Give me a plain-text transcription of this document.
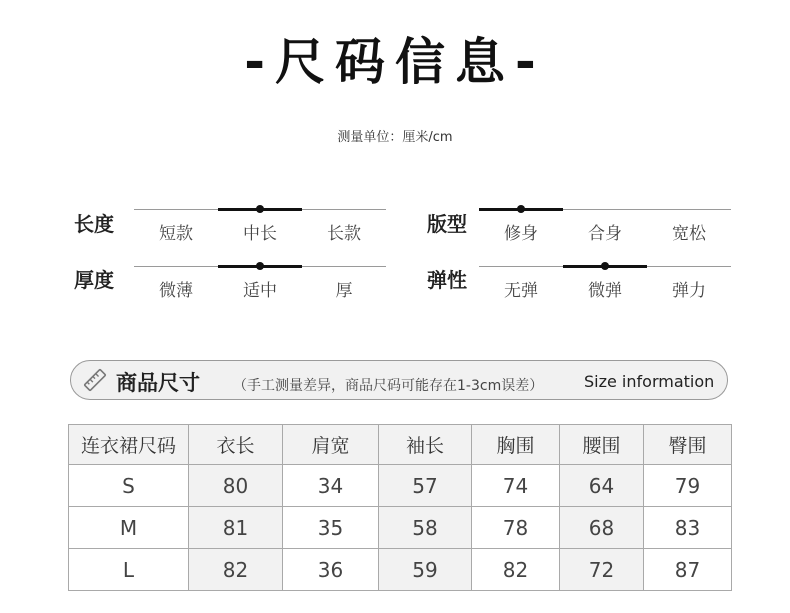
-尺码信息-
测量单位：厘米/cm
长度	短款	中长	长款	版型	修身	合身	宽松
厚度	微薄	适中	厚	弹性	无弹	微弹	弹力
商品尺寸 （手工测量差异，商品尺码可能存在1-3cm误差）	Size information
连衣裙尺码	衣长	肩宽	袖长	胸围	腰围	臀围
S	80	34	57	74	64	79
M	81	35	58	78	68	83
L	82	36	59	82	72	87
